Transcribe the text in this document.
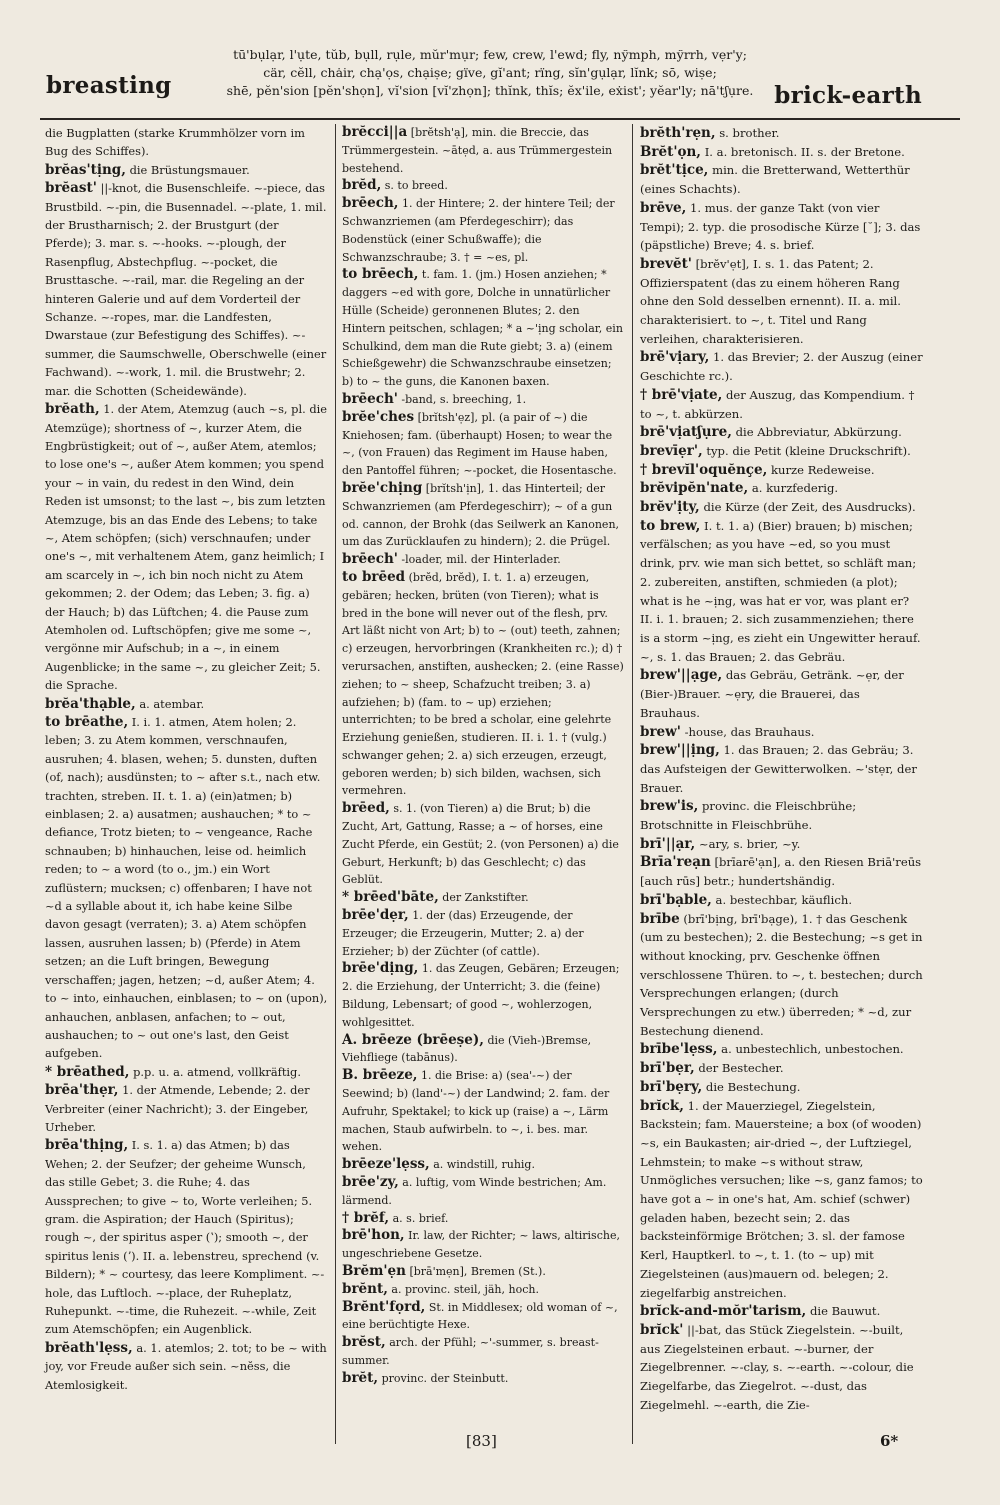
breasting
tū'bụlạr, l'ụte, tŭb, bụll, rụle, mŭr'mụr; few, crew, l'ewd; fly, nўmph, mўrrh, vẹr'y;
cär, cĕll, chȧir, chạ'ọs, chạiṣe; gïve, gĭ'ant; rïng, sĭn'gụlạr, lĭnk; sō, wiṣe;
shē, pĕn'sion [pĕn'shọn], vĭ'sion [vĭ'zhọn]; thĭnk, thĭs; ĕx'ile, eẋist'; yĕar'ly; nā'tʃụre. brick-earth

die Bugplatten (starke Krummhölzer vorn im Bug des Schiffes).

brĕas'tịng, die Brüstungsmauer.

brĕast' ||-knot, die Busenschleife. ~-piece, das Brustbild. ~-pin, die Busennadel. ~-plate, 1. mil. der Brustharnisch; 2. der Brustgurt (der Pferde); 3. mar. s. ~-hooks. ~-plough, der Rasenpflug, Abstechpflug. ~-pocket, die Brusttasche. ~-rail, mar. die Regeling an der hinteren Galerie und auf dem Vorderteil der Schanze. ~-ropes, mar. die Landfesten, Dwarstaue (zur Befestigung des Schiffes). ~-summer, die Saumschwelle, Oberschwelle (einer Fachwand). ~-work, 1. mil. die Brustwehr; 2. mar. die Schotten (Scheidewände).

brĕath, 1. der Atem, Atemzug (auch ~s, pl. die Atemzüge); shortness of ~, kurzer Atem, die Engbrüstigkeit; out of ~, außer Atem, atemlos; to lose one's ~, außer Atem kommen; you spend your ~ in vain, du redest in den Wind, dein Reden ist umsonst; to the last ~, bis zum letzten Atemzuge, bis an das Ende des Lebens; to take ~, Atem schöpfen; (sich) verschnaufen; under one's ~, mit verhaltenem Atem, ganz heimlich; I am scarcely in ~, ich bin noch nicht zu Atem gekommen; 2. der Odem; das Leben; 3. fig. a) der Hauch; b) das Lüftchen; 4. die Pause zum Atemholen od. Luftschöpfen; give me some ~, vergönne mir Aufschub; in a ~, in einem Augenblicke; in the same ~, zu gleicher Zeit; 5. die Sprache.

brĕa'thạble, a. atembar.

to brēathe, I. i. 1. atmen, Atem holen; 2. leben; 3. zu Atem kommen, verschnaufen, ausruhen; 4. blasen, wehen; 5. dunsten, duften (of, nach); ausdünsten; to ~ after s.t., nach etw. trachten, streben. II. t. 1. a) (ein)atmen; b) einblasen; 2. a) ausatmen; aushauchen; * to ~ defiance, Trotz bieten; to ~ vengeance, Rache schnauben; b) hinhauchen, leise od. heimlich reden; to ~ a word (to o., jm.) ein Wort zuflüstern; mucksen; c) offenbaren; I have not ~d a syllable about it, ich habe keine Silbe davon gesagt (verraten); 3. a) Atem schöpfen lassen, ausruhen lassen; b) (Pferde) in Atem setzen; an die Luft bringen, Bewegung verschaffen; jagen, hetzen; ~d, außer Atem; 4. to ~ into, einhauchen, einblasen; to ~ on (upon), anhauchen, anblasen, anfachen; to ~ out, aushauchen; to ~ out one's last, den Geist aufgeben.

* brēathed, p.p. u. a. atmend, vollkräftig.

brēa'thẹr, 1. der Atmende, Lebende; 2. der Verbreiter (einer Nachricht); 3. der Eingeber, Urheber.

brēa'thịng, I. s. 1. a) das Atmen; b) das Wehen; 2. der Seufzer; der geheime Wunsch, das stille Gebet; 3. die Ruhe; 4. das Aussprechen; to give ~ to, Worte verleihen; 5. gram. die Aspiration; der Hauch (Spiritus); rough ~, der spiritus asper (ʽ); smooth ~, der spiritus lenis (ʼ). II. a. lebenstreu, sprechend (v. Bildern); * ~ courtesy, das leere Kompliment. ~-hole, das Luftloch. ~-place, der Ruheplatz, Ruhepunkt. ~-time, die Ruhezeit. ~-while, Zeit zum Atemschöpfen; ein Augenblick.

brĕath'lẹss, a. 1. atemlos; 2. tot; to be ~ with joy, vor Freude außer sich sein. ~nĕss, die Atemlosigkeit.

brĕcci||a [brĕtsh'ạ], min. die Breccie, das Trümmergestein. ~ātẹd, a. aus Trümmergestein bestehend.

brĕd, s. to breed.

brēech, 1. der Hintere; 2. der hintere Teil; der Schwanzriemen (am Pferdegeschirr); das Bodenstück (einer Schußwaffe); die Schwanzschraube; 3. † = ~es, pl.

to brēech, t. fam. 1. (jm.) Hosen anziehen; * daggers ~ed with gore, Dolche in unnatürlicher Hülle (Scheide) geronnenen Blutes; 2. den Hintern peitschen, schlagen; * a ~'ịng scholar, ein Schulkind, dem man die Rute giebt; 3. a) (einem Schießgewehr) die Schwanzschraube einsetzen; b) to ~ the guns, die Kanonen baxen.

brēech' -band, s. breeching, 1.

brĕe'ches [brĭtsh'ẹz], pl. (a pair of ~) die Kniehosen; fam. (überhaupt) Hosen; to wear the ~, (von Frauen) das Regiment im Hause haben, den Pantoffel führen; ~-pocket, die Hosentasche.

brĕe'chịng [brĭtsh'ịn], 1. das Hinterteil; der Schwanzriemen (am Pferdegeschirr); ~ of a gun od. cannon, der Brohk (das Seilwerk an Kanonen, um das Zurücklaufen zu hindern); 2. die Prügel.

brēech' -loader, mil. der Hinterlader.

to brēed (brĕd, brĕd), I. t. 1. a) erzeugen, gebären; hecken, brüten (von Tieren); what is bred in the bone will never out of the flesh, prv. Art läßt nicht von Art; b) to ~ (out) teeth, zahnen; c) erzeugen, hervorbringen (Krankheiten rc.); d) † verursachen, anstiften, aushecken; 2. (eine Rasse) ziehen; to ~ sheep, Schafzucht treiben; 3. a) aufziehen; b) (fam. to ~ up) erziehen; unterrichten; to be bred a scholar, eine gelehrte Erziehung genießen, studieren. II. i. 1. † (vulg.) schwanger gehen; 2. a) sich erzeugen, erzeugt, geboren werden; b) sich bilden, wachsen, sich vermehren.

brēed, s. 1. (von Tieren) a) die Brut; b) die Zucht, Art, Gattung, Rasse; a ~ of horses, eine Zucht Pferde, ein Gestüt; 2. (von Personen) a) die Geburt, Herkunft; b) das Geschlecht; c) das Geblüt.

* brēed'bāte, der Zankstifter.

brēe'dẹr, 1. der (das) Erzeugende, der Erzeuger; die Erzeugerin, Mutter; 2. a) der Erzieher; b) der Züchter (of cattle).

brēe'dịng, 1. das Zeugen, Gebären; Erzeugen; 2. die Erziehung, der Unterricht; 3. die (feine) Bildung, Lebensart; of good ~, wohlerzogen, wohlgesittet.

A. brēeze (brēeṣe), die (Vieh-)Bremse, Viehfliege (tabānus).

B. brēeze, 1. die Brise: a) (sea'-~) der Seewind; b) (land'-~) der Landwind; 2. fam. der Aufruhr, Spektakel; to kick up (raise) a ~, Lärm machen, Staub aufwirbeln. to ~, i. bes. mar. wehen.

brēeze'lẹss, a. windstill, ruhig.

brēe'zy, a. luftig, vom Winde bestrichen; Am. lärmend.

† brĕf, a. s. brief.

brē'hon, Ir. law, der Richter; ~ laws, altirische, ungeschriebene Gesetze.

Brĕm'ẹn [brā'mẹn], Bremen (St.).

brĕnt, a. provinc. steil, jäh, hoch.

Brĕnt'fọrd, St. in Middlesex; old woman of ~, eine berüchtigte Hexe.

brĕst, arch. der Pfühl; ~'-summer, s. breast-summer.

brĕt, provinc. der Steinbutt.

brĕth'rẹn, s. brother.

Brĕt'ọn, I. a. bretonisch. II. s. der Bretone.

brĕt'tịce, min. die Bretterwand, Wetterthür (eines Schachts).

brēve, 1. mus. der ganze Takt (von vier Tempi); 2. typ. die prosodische Kürze [˘]; 3. das (päpstliche) Breve; 4. s. brief.

brevĕt' [brĕv'ẹt], I. s. 1. das Patent; 2. Offizierspatent (das zu einem höheren Rang ohne den Sold desselben ernennt). II. a. mil. charakterisiert. to ~, t. Titel und Rang verleihen, charakterisieren.

brē'vịary, 1. das Brevier; 2. der Auszug (einer Geschichte rc.).

† brē'vịate, der Auszug, das Kompendium. † to ~, t. abkürzen.

brē'vịatʃụre, die Abbreviatur, Abkürzung.

brevīẹr', typ. die Petit (kleine Druckschrift).

† brevĭl'oquĕnçe, kurze Redeweise.

brĕvipĕn'nate, a. kurzfederig.

brĕv'ịty, die Kürze (der Zeit, des Ausdrucks).

to brew, I. t. 1. a) (Bier) brauen; b) mischen; verfälschen; as you have ~ed, so you must drink, prv. wie man sich bettet, so schläft man; 2. zubereiten, anstiften, schmieden (a plot); what is he ~ịng, was hat er vor, was plant er? II. i. 1. brauen; 2. sich zusammenziehen; there is a storm ~ịng, es zieht ein Ungewitter herauf. ~, s. 1. das Brauen; 2. das Gebräu.

brew'||ạge, das Gebräu, Getränk. ~ẹr, der (Bier-)Brauer. ~ẹry, die Brauerei, das Brauhaus.

brew' -house, das Brauhaus.

brew'||ịng, 1. das Brauen; 2. das Gebräu; 3. das Aufsteigen der Gewitterwolken. ~'stẹr, der Brauer.

brew'is, provinc. die Fleischbrühe; Brotschnitte in Fleischbrühe.

brī'||ạr, ~ary, s. brier, ~y.

Brīa'reạn [brīarē'ạn], a. den Riesen Briā'reūs [auch rūs] betr.; hundertshändig.

brī'bạble, a. bestechbar, käuflich.

brībe (brī'bịng, brī'bạge), 1. † das Geschenk (um zu bestechen); 2. die Bestechung; ~s get in without knocking, prv. Geschenke öffnen verschlossene Thüren. to ~, t. bestechen; durch Versprechungen erlangen; (durch Versprechungen zu etw.) überreden; * ~d, zur Bestechung dienend.

brībe'lẹss, a. unbestechlich, unbestochen.

brī'bẹr, der Bestecher.

brī'bẹry, die Bestechung.

brĭck, 1. der Mauerziegel, Ziegelstein, Backstein; fam. Mauersteine; a box (of wooden) ~s, ein Baukasten; air-dried ~, der Luftziegel, Lehmstein; to make ~s without straw, Unmögliches versuchen; like ~s, ganz famos; to have got a ~ in one's hat, Am. schief (schwer) geladen haben, bezecht sein; 2. das backsteinförmige Brötchen; 3. sl. der famose Kerl, Hauptkerl. to ~, t. 1. (to ~ up) mit Ziegelsteinen (aus)mauern od. belegen; 2. ziegelfarbig anstreichen.

brĭck-and-mŏr'tarism, die Bauwut.

brĭck' ||-bat, das Stück Ziegelstein. ~-built, aus Ziegelsteinen erbaut. ~-burner, der Ziegelbrenner. ~-clay, s. ~-earth. ~-colour, die Ziegelfarbe, das Ziegelrot. ~-dust, das Ziegelmehl. ~-earth, die Zie-

[83]	6*
